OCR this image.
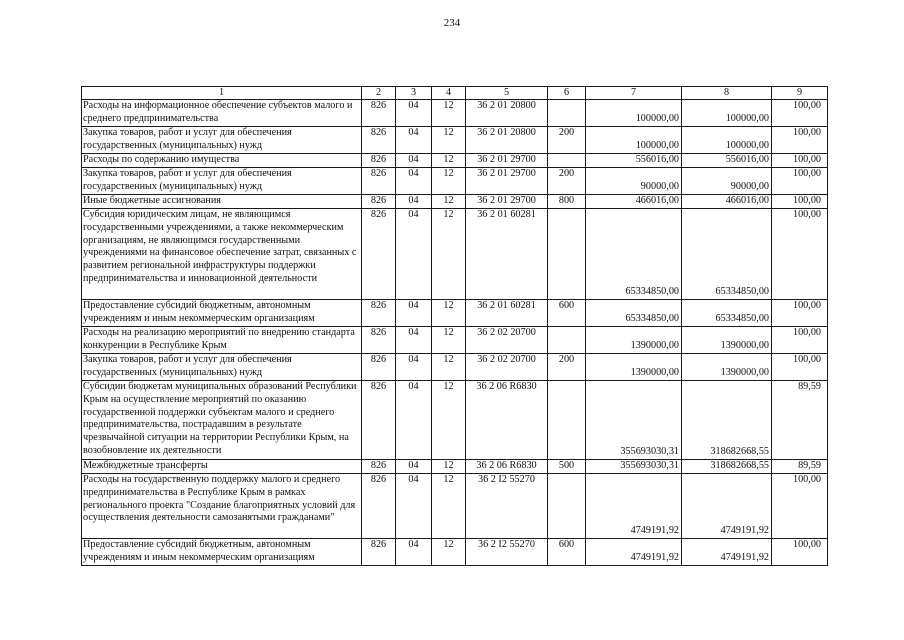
234
1	2	3	4	5	6	7	8	9
Расходы на информационное обеспечение субъектов малого и среднего предпринимательства	826	04	12	36 2 01 20800		100000,00	100000,00	100,00
Закупка товаров, работ и услуг для обеспечения государственных (муниципальных) нужд	826	04	12	36 2 01 20800	200	100000,00	100000,00	100,00
Расходы по содержанию имущества	826	04	12	36 2 01 29700		556016,00	556016,00	100,00
Закупка товаров, работ и услуг для обеспечения государственных (муниципальных) нужд	826	04	12	36 2 01 29700	200	90000,00	90000,00	100,00
Иные бюджетные ассигнования	826	04	12	36 2 01 29700	800	466016,00	466016,00	100,00
Субсидия юридическим лицам, не являющимся государственными учреждениями, а также некоммерческим организациям, не являющимся государственными учреждениями на финансовое обеспечение затрат, связанных с развитием региональной инфраструктуры поддержки предпринимательства и инновационной деятельности	826	04	12	36 2 01 60281		65334850,00	65334850,00	100,00
Предоставление субсидий бюджетным, автономным учреждениям и иным некоммерческим организациям	826	04	12	36 2 01 60281	600	65334850,00	65334850,00	100,00
Расходы на реализацию мероприятий по внедрению стандарта конкуренции в Республике Крым	826	04	12	36 2 02 20700		1390000,00	1390000,00	100,00
Закупка товаров, работ и услуг для обеспечения государственных (муниципальных) нужд	826	04	12	36 2 02 20700	200	1390000,00	1390000,00	100,00
Субсидии бюджетам муниципальных образований Республики Крым на осуществление мероприятий по оказанию государственной поддержки субъектам малого и среднего предпринимательства, пострадавшим в результате чрезвычайной ситуации на территории Республики Крым, на возобновление их деятельности	826	04	12	36 2 06 R6830		355693030,31	318682668,55	89,59
Межбюджетные трансферты	826	04	12	36 2 06 R6830	500	355693030,31	318682668,55	89,59
Расходы на государственную поддержку малого и среднего предпринимательства в Республике Крым в рамках регионального проекта "Создание благоприятных условий для осуществления деятельности самозанятыми гражданами"	826	04	12	36 2 I2 55270		4749191,92	4749191,92	100,00
Предоставление субсидий бюджетным, автономным учреждениям и иным некоммерческим организациям	826	04	12	36 2 I2 55270	600	4749191,92	4749191,92	100,00
